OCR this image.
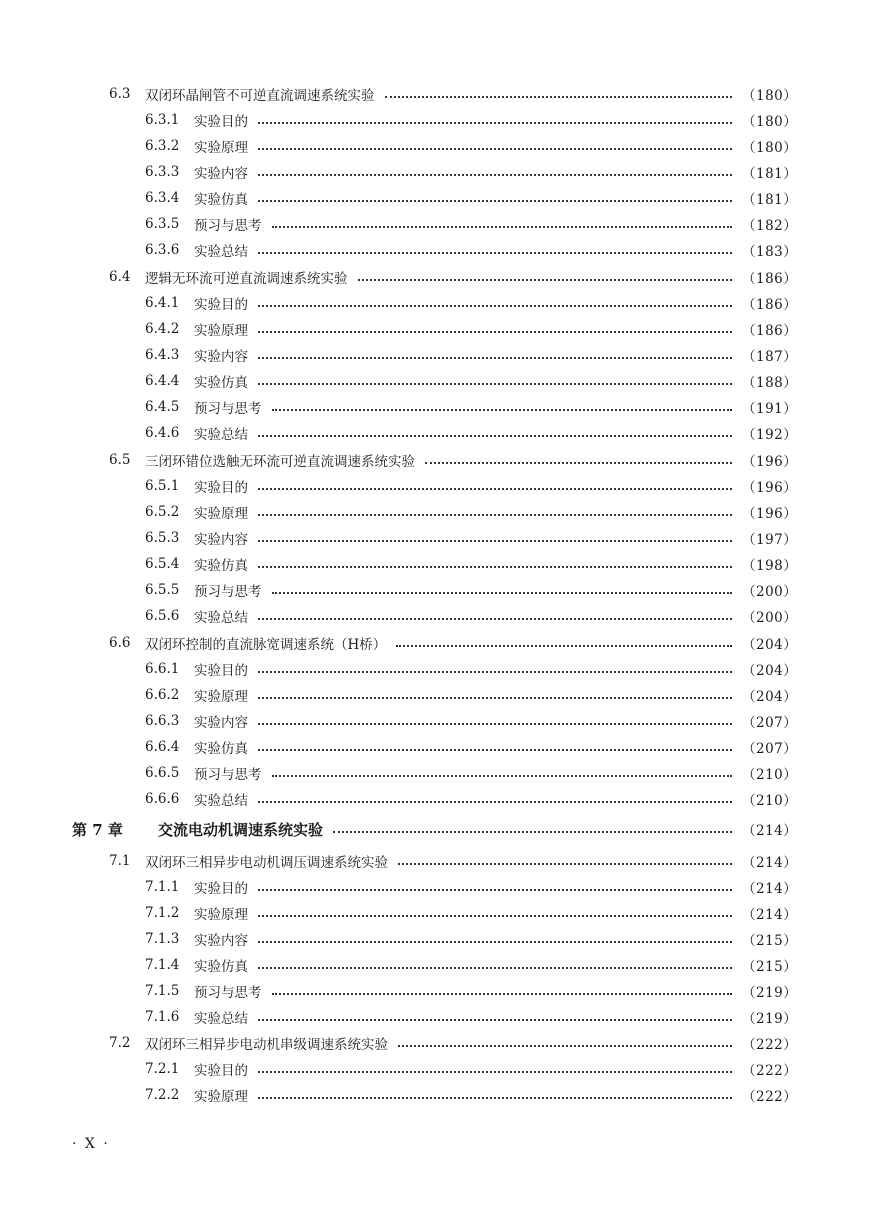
6.3	双闭环晶闸管不可逆直流调速系统实验	（180）
6.3.1	实验目的	（180）
6.3.2	实验原理	（180）
6.3.3	实验内容	（181）
6.3.4	实验仿真	（181）
6.3.5	预习与思考	（182）
6.3.6	实验总结	（183）
6.4	逻辑无环流可逆直流调速系统实验	（186）
6.4.1	实验目的	（186）
6.4.2	实验原理	（186）
6.4.3	实验内容	（187）
6.4.4	实验仿真	（188）
6.4.5	预习与思考	（191）
6.4.6	实验总结	（192）
6.5	三闭环错位选触无环流可逆直流调速系统实验	（196）
6.5.1	实验目的	（196）
6.5.2	实验原理	（196）
6.5.3	实验内容	（197）
6.5.4	实验仿真	（198）
6.5.5	预习与思考	（200）
6.5.6	实验总结	（200）
6.6	双闭环控制的直流脉宽调速系统（H桥）	（204）
6.6.1	实验目的	（204）
6.6.2	实验原理	（204）
6.6.3	实验内容	（207）
6.6.4	实验仿真	（207）
6.6.5	预习与思考	（210）
6.6.6	实验总结	（210）
第 7 章	交流电动机调速系统实验	（214）
7.1	双闭环三相异步电动机调压调速系统实验	（214）
7.1.1	实验目的	（214）
7.1.2	实验原理	（214）
7.1.3	实验内容	（215）
7.1.4	实验仿真	（215）
7.1.5	预习与思考	（219）
7.1.6	实验总结	（219）
7.2	双闭环三相异步电动机串级调速系统实验	（222）
7.2.1	实验目的	（222）
7.2.2	实验原理	（222）
· X ·
